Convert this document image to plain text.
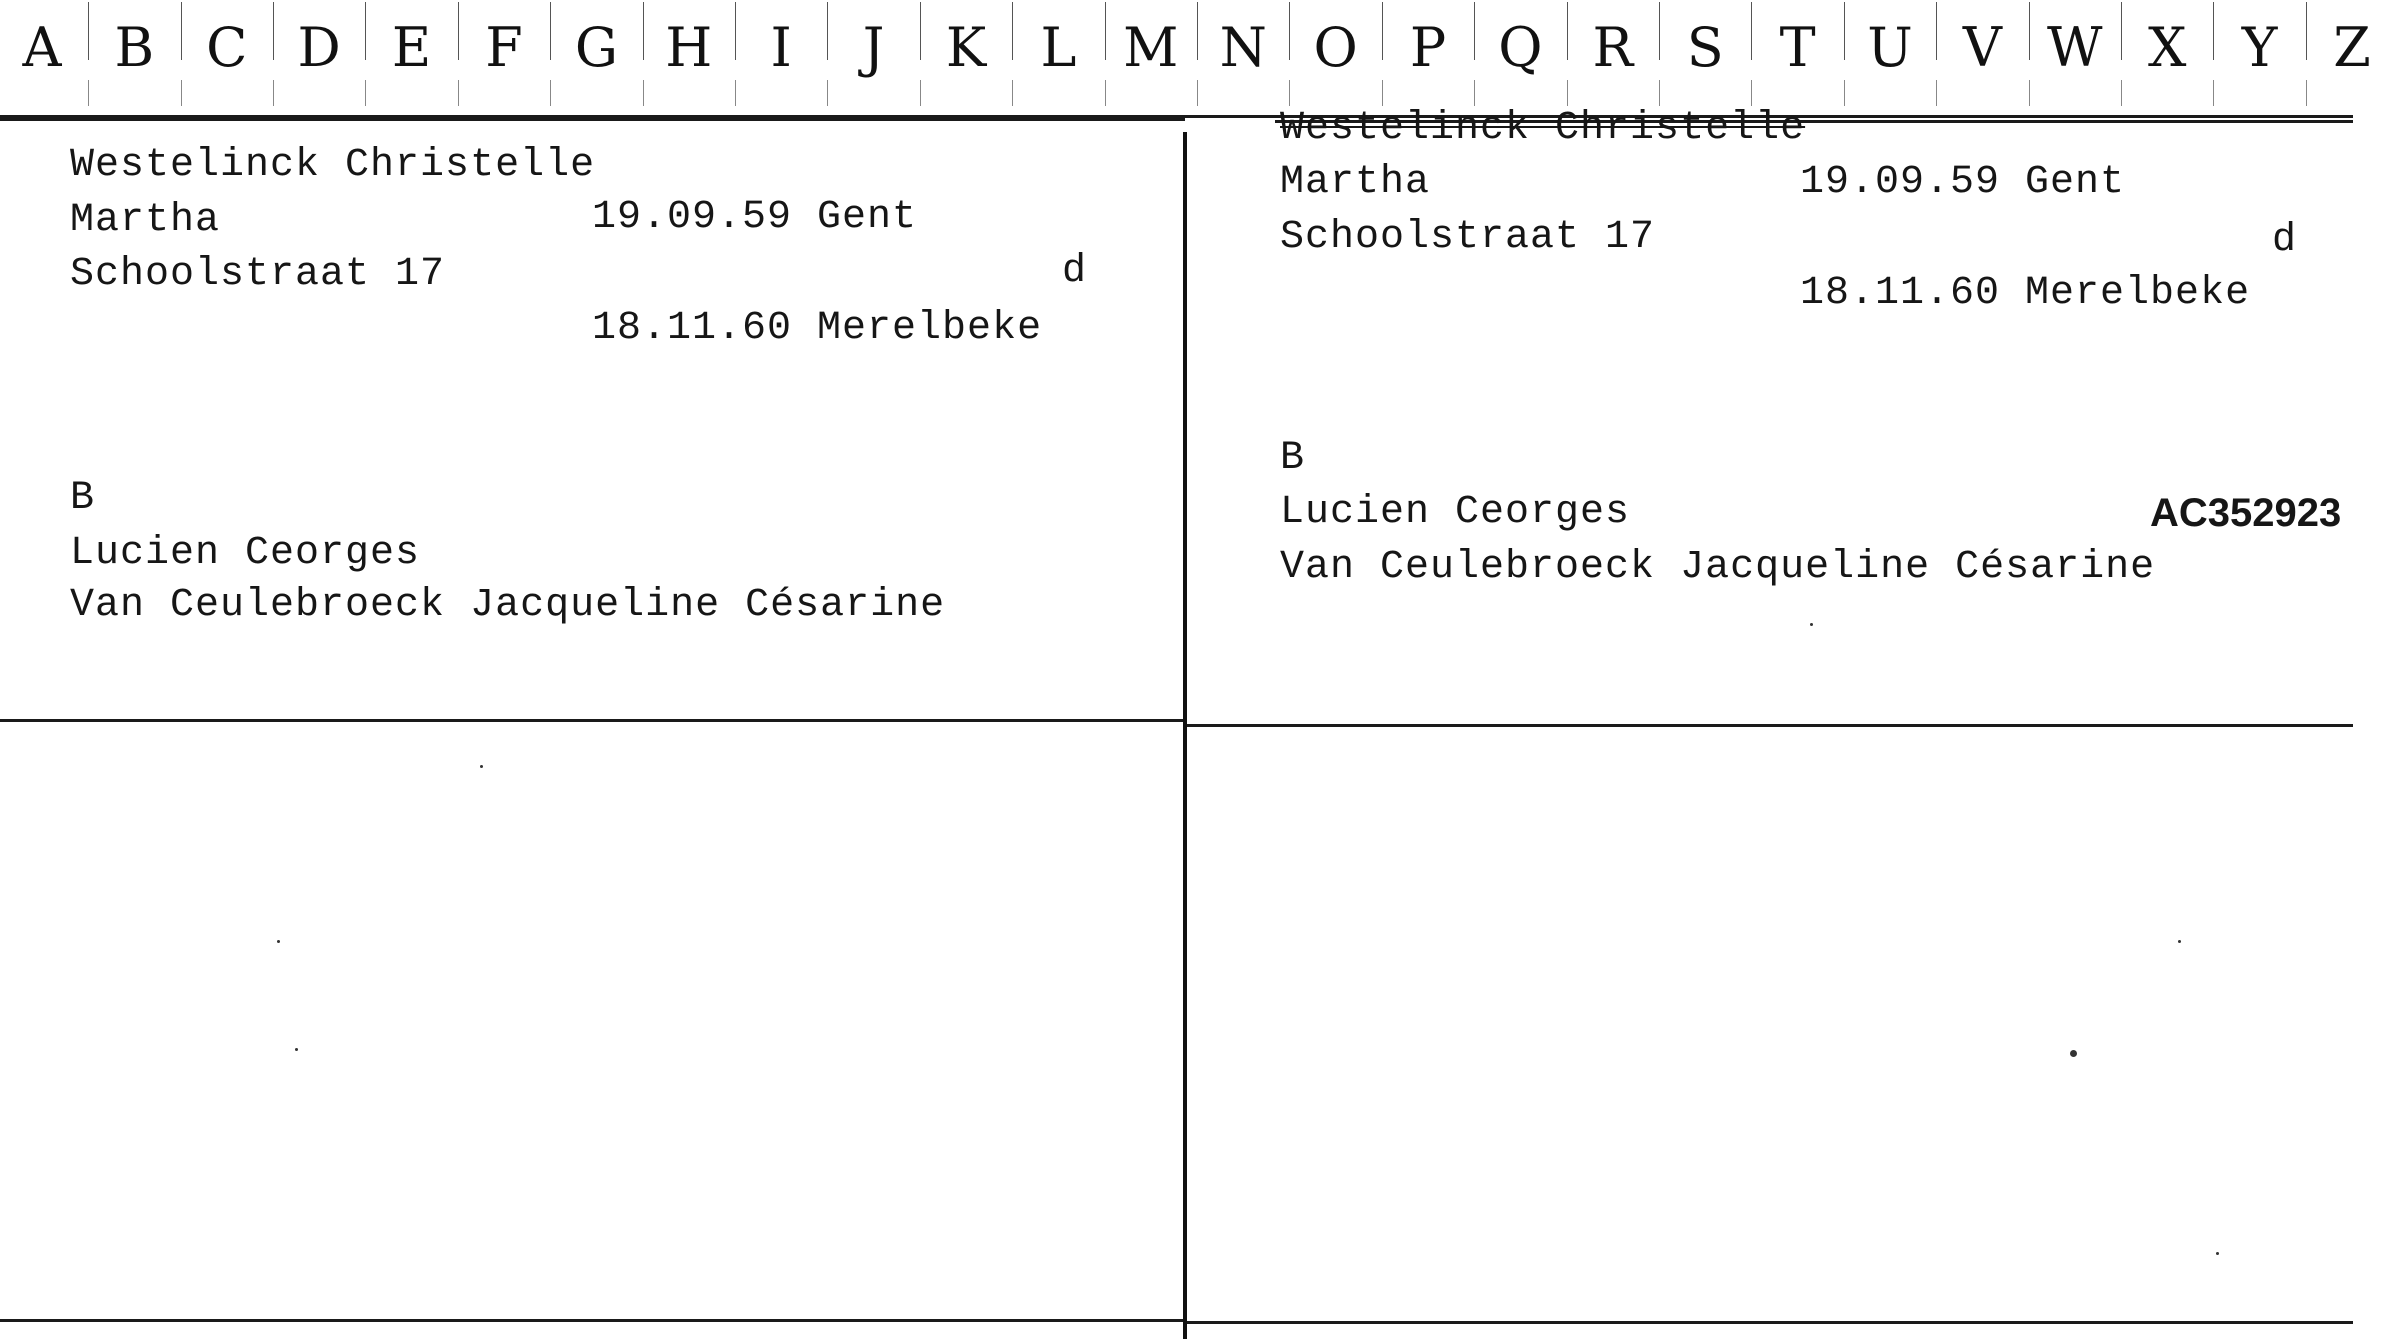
A B C D E F G H	I	J	K	L M N O P Q R S	T U V W X	Y	Z
Westelinck Christelle
Martha	19.09.59 Gent
Schoolstraat 17	d
18.11.60 Merelbeke
B
Lucien Ceorges
Van Ceulebroeck Jacqueline Césarine
Westelinck Christelle
Martha	19.09.59 Gent
Schoolstraat 17	d
18.11.60 Merelbeke
B
Lucien Ceorges	AC352923
Van Ceulebroeck Jacqueline Césarine
